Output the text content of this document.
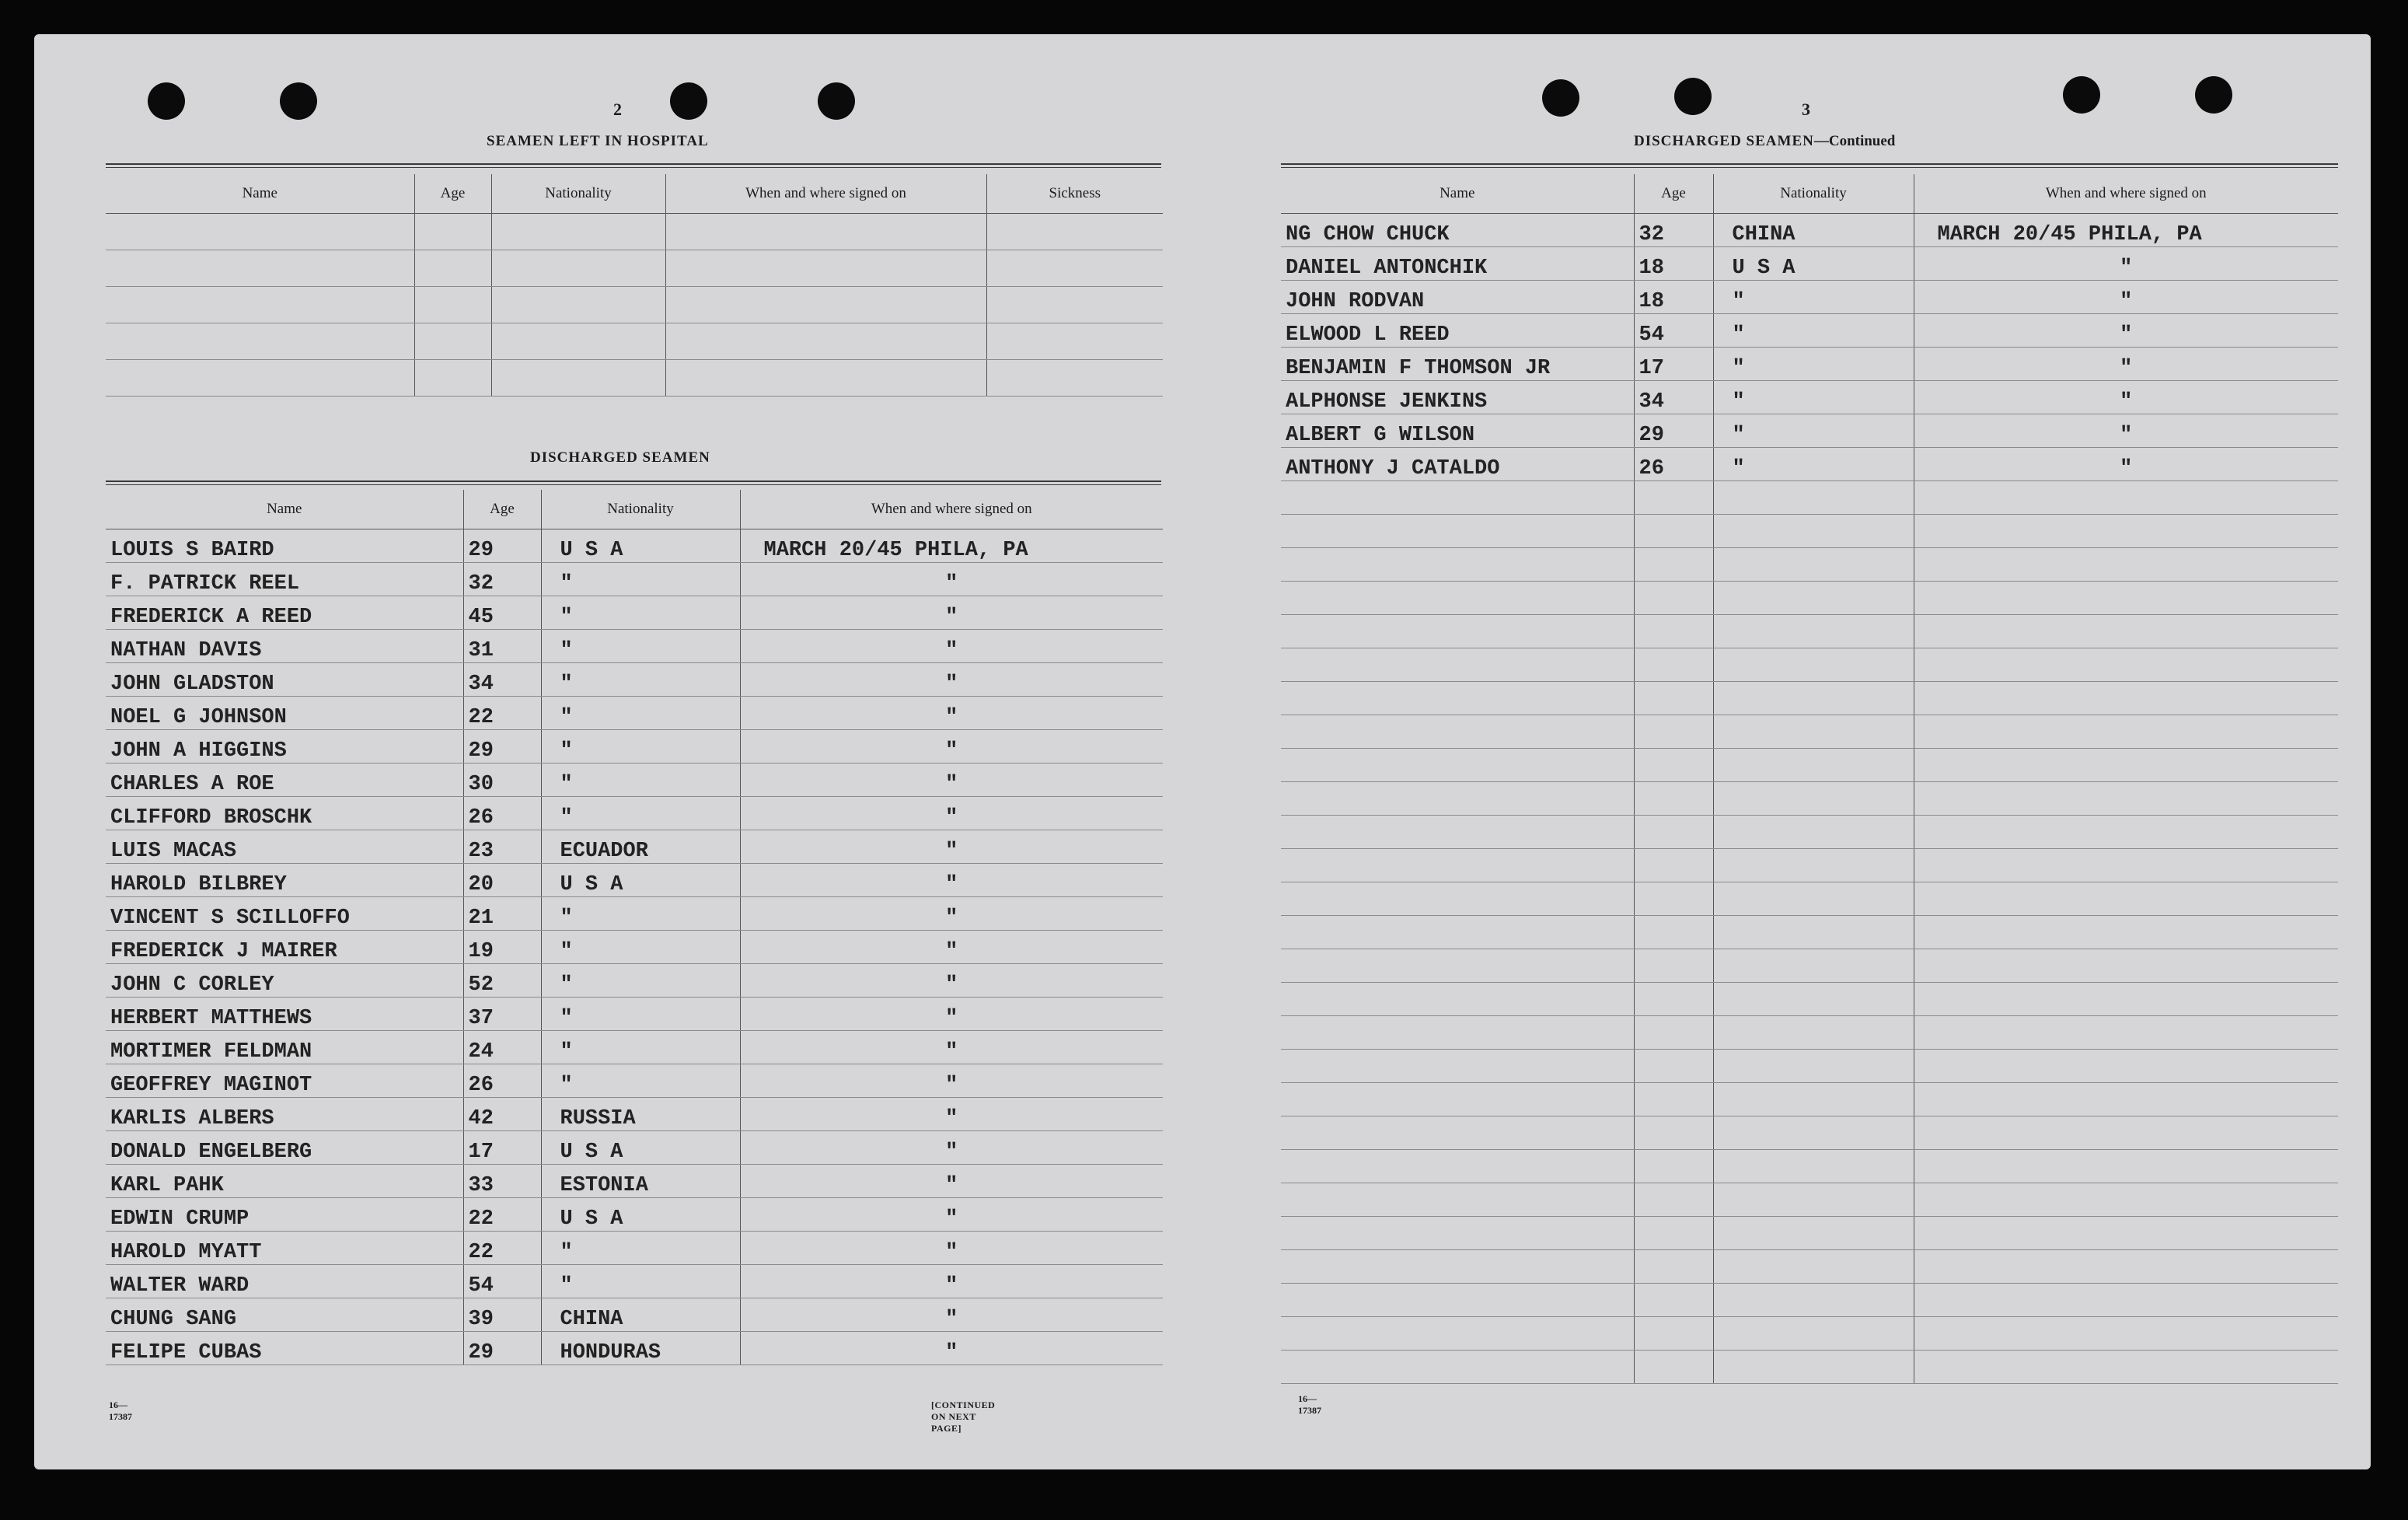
2
SEAMEN LEFT IN HOSPITAL
Name	Age	Nationality	When and where signed on	Sickness

DISCHARGED SEAMEN
Name	Age	Nationality	When and where signed on
LOUIS S BAIRD	29	U S A	MARCH 20/45 PHILA, PA
F. PATRICK REEL	32	"	"
FREDERICK A REED	45	"	"
NATHAN DAVIS	31	"	"
JOHN GLADSTON	34	"	"
NOEL G JOHNSON	22	"	"
JOHN A HIGGINS	29	"	"
CHARLES A ROE	30	"	"
CLIFFORD BROSCHK	26	"	"
LUIS MACAS	23	ECUADOR	"
HAROLD BILBREY	20	U S A	"
VINCENT S SCILLOFFO	21	"	"
FREDERICK J MAIRER	19	"	"
JOHN C CORLEY	52	"	"
HERBERT MATTHEWS	37	"	"
MORTIMER FELDMAN	24	"	"
GEOFFREY MAGINOT	26	"	"
KARLIS ALBERS	42	RUSSIA	"
DONALD ENGELBERG	17	U S A	"
KARL PAHK	33	ESTONIA	"
EDWIN CRUMP	22	U S A	"
HAROLD MYATT	22	"	"
WALTER WARD	54	"	"
CHUNG SANG	39	CHINA	"
FELIPE CUBAS	29	HONDURAS	"
16—17387
[CONTINUED ON NEXT PAGE]
3
DISCHARGED SEAMEN—Continued
Name	Age	Nationality	When and where signed on
NG CHOW CHUCK	32	CHINA	MARCH 20/45 PHILA, PA
DANIEL ANTONCHIK	18	U S A	"
JOHN RODVAN	18	"	"
ELWOOD L REED	54	"	"
BENJAMIN F THOMSON JR	17	"	"
ALPHONSE JENKINS	34	"	"
ALBERT G WILSON	29	"	"
ANTHONY J CATALDO	26	"	"

16—17387
